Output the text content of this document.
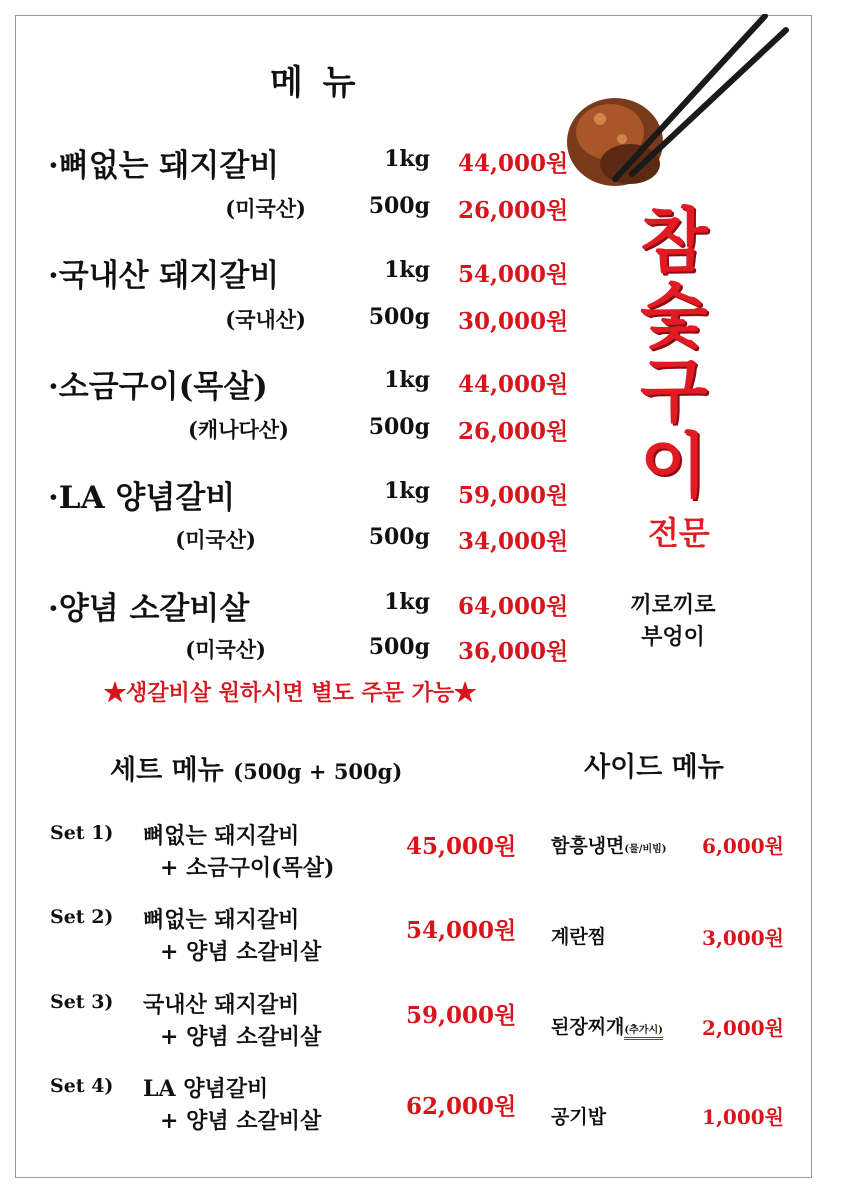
메 뉴
·뼈없는 돼지갈비	1kg 44,000원
(미국산)	500g 26,000원
·국내산 돼지갈비	1kg 54,000원
(국내산)	500g 30,000원
·소금구이(목살)	1kg 44,000원
(캐나다산)	500g 26,000원
·LA 양념갈비	1kg 59,000원
(미국산)	500g 34,000원
·양념 소갈비살	1kg 64,000원
(미국산)	500g 36,000원
★생갈비살 원하시면 별도 주문 가능★
참
숯
구
이
전문
끼로끼로
부엉이
세트 메뉴 (500g + 500g)
Set 1) 뼈없는 돼지갈비
+ 소금구이(목살)
45,000원
Set 2) 뼈없는 돼지갈비
+ 양념 소갈비살
54,000원
Set 3) 국내산 돼지갈비
+ 양념 소갈비살
59,000원
Set 4) LA 양념갈비
+ 양념 소갈비살
62,000원
사이드 메뉴
함흥냉면(물/비빔)	6,000원
계란찜	3,000원
된장찌개(추가시)	2,000원
공기밥	1,000원
